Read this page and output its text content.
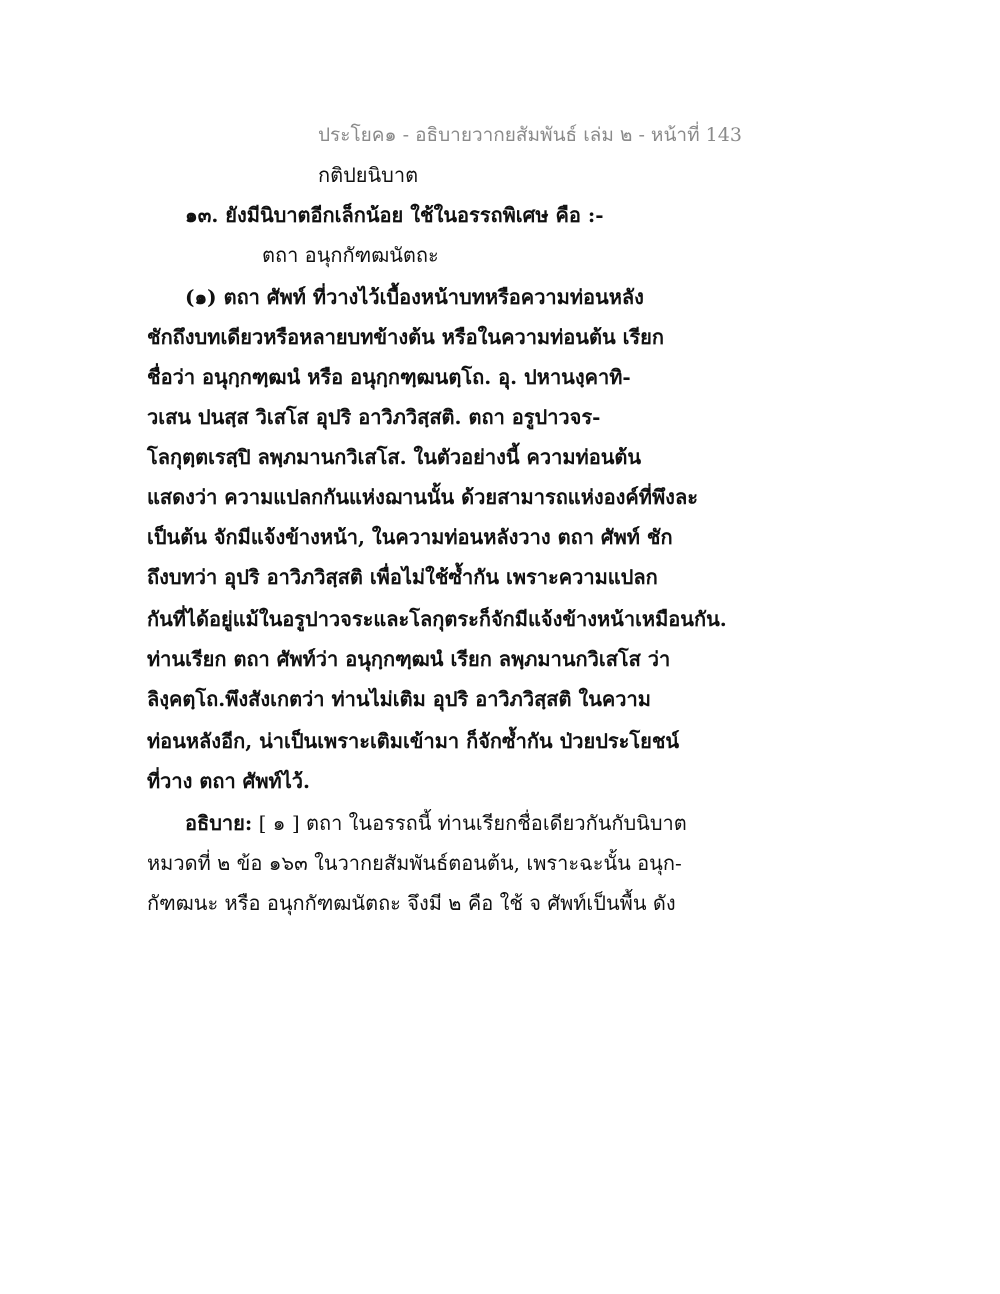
ประโยค๑ - อธิบายวากยสัมพันธ์ เล่ม ๒ - หน้าที่ 143
กติปยนิบาต
๑๓. ยังมีนิบาตอีกเล็กน้อย ใช้ในอรรถพิเศษ คือ :-
ตถา อนุกกัฑฒนัตถะ
(๑) ตถา ศัพท์ ที่วางไว้เบื้องหน้าบทหรือความท่อนหลัง
ชักถึงบทเดียวหรือหลายบทข้างต้น หรือในความท่อนต้น เรียก
ชื่อว่า อนุกฺกฑฺฒนํ หรือ อนุกฺกฑฺฒนตฺโถ. อุ. ปหานงฺคาทิ-
วเสน ปนสฺส วิเสโส อุปริ อาวิภวิสฺสติ. ตถา อรูปาวจร-
โลกุตฺตเรสฺปิ ลพฺภมานกวิเสโส. ในตัวอย่างนี้ ความท่อนต้น
แสดงว่า ความแปลกกันแห่งฌานนั้น ด้วยสามารถแห่งองค์ที่พึงละ
เป็นต้น จักมีแจ้งข้างหน้า, ในความท่อนหลังวาง ตถา ศัพท์ ชัก
ถึงบทว่า อุปริ อาวิภวิสฺสติ เพื่อไม่ใช้ซ้ำกัน เพราะความแปลก
กันที่ได้อยู่แม้ในอรูปาวจระและโลกุตระก็จักมีแจ้งข้างหน้าเหมือนกัน.
ท่านเรียก ตถา ศัพท์ว่า อนุกฺกฑฺฒนํ เรียก ลพฺภมานกวิเสโส ว่า
ลิงฺคตฺโถ.พึงสังเกตว่า ท่านไม่เติม อุปริ อาวิภวิสฺสติ ในความ
ท่อนหลังอีก, น่าเป็นเพราะเติมเข้ามา ก็จักซ้ำกัน ป่วยประโยชน์
ที่วาง ตถา ศัพท์ไว้.
อธิบาย: [ ๑ ] ตถา ในอรรถนี้ ท่านเรียกชื่อเดียวกันกับนิบาต
หมวดที่ ๒ ข้อ ๑๖๓ ในวากยสัมพันธ์ตอนต้น, เพราะฉะนั้น อนุก-
กัฑฒนะ หรือ อนุกกัฑฒนัตถะ จึงมี ๒ คือ ใช้ จ ศัพท์เป็นพื้น ดัง
